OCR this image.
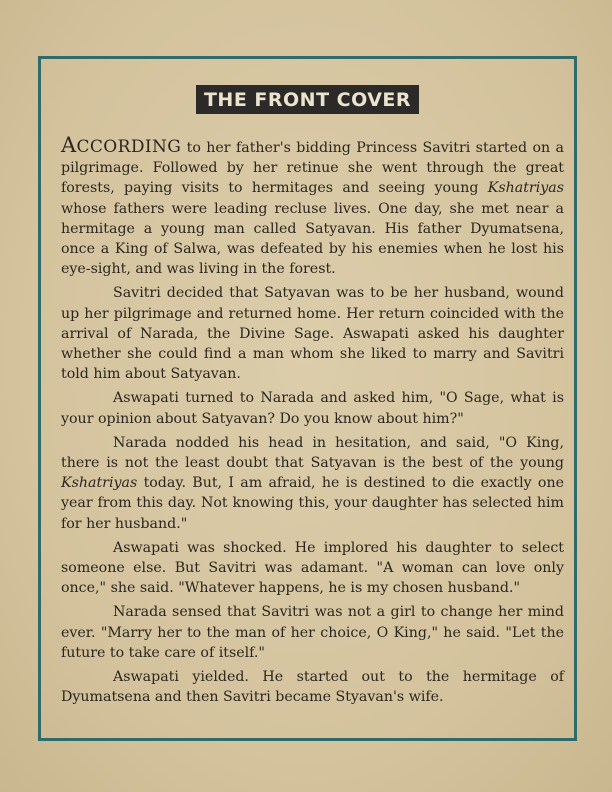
THE FRONT COVER

ACCORDING to her father's bidding Princess Savitri started on a pilgrimage. Followed by her retinue she went through the great forests, paying visits to hermitages and seeing young Kshatriyas whose fathers were leading recluse lives. One day, she met near a hermitage a young man called Satyavan. His father Dyumatsena, once a King of Salwa, was defeated by his enemies when he lost his eye-sight, and was living in the forest.

Savitri decided that Satyavan was to be her husband, wound up her pilgrimage and returned home. Her return coincided with the arrival of Narada, the Divine Sage. Aswapati asked his daughter whether she could find a man whom she liked to marry and Savitri told him about Satyavan.

Aswapati turned to Narada and asked him, "O Sage, what is your opinion about Satyavan? Do you know about him?"

Narada nodded his head in hesitation, and said, "O King, there is not the least doubt that Satyavan is the best of the young Kshatriyas today. But, I am afraid, he is destined to die exactly one year from this day. Not knowing this, your daughter has selected him for her husband."

Aswapati was shocked. He implored his daughter to select someone else. But Savitri was adamant. "A woman can love only once," she said. "Whatever happens, he is my chosen husband."

Narada sensed that Savitri was not a girl to change her mind ever. "Marry her to the man of her choice, O King," he said. "Let the future to take care of itself."

Aswapati yielded. He started out to the hermitage of Dyumatsena and then Savitri became Styavan's wife.
